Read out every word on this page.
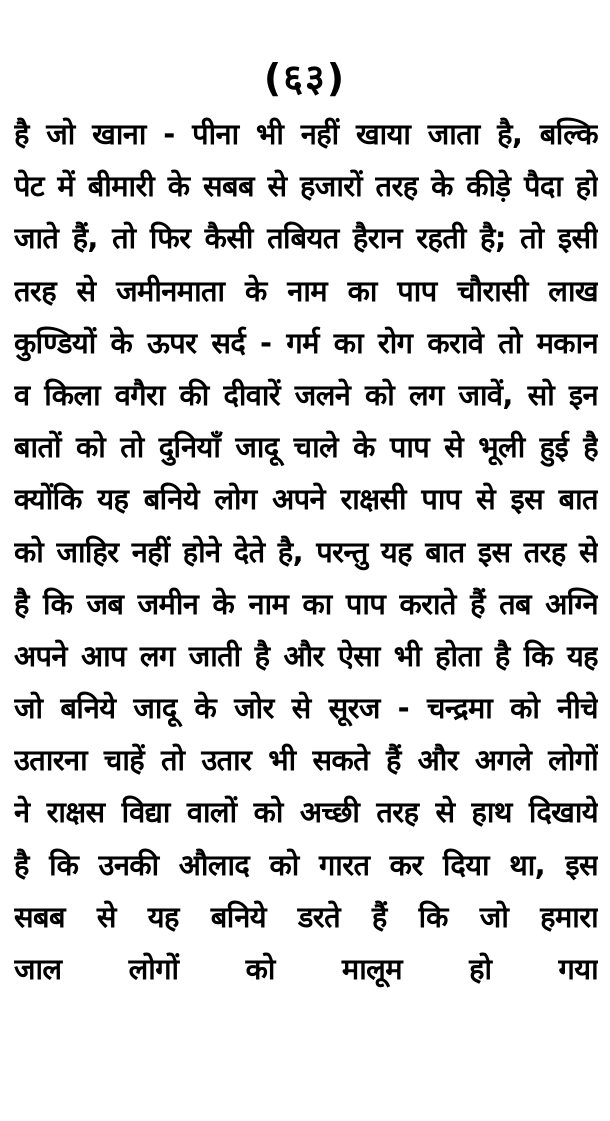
(६३)
है जो खाना - पीना भी नहीं खाया जाता है, बल्कि
पेट में बीमारी के सबब से हजारों तरह के कीड़े पैदा हो
जाते हैं, तो फिर कैसी तबियत हैरान रहती है; तो इसी
तरह से जमीनमाता के नाम का पाप चौरासी लाख
कुण्डियों के ऊपर सर्द - गर्म का रोग करावे तो मकान
व किला वगैरा की दीवारें जलने को लग जावें, सो इन
बातों को तो दुनियाँ जादू चाले के पाप से भूली हुई है
क्योंकि यह बनिये लोग अपने राक्षसी पाप से इस बात
को जाहिर नहीं होने देते है, परन्तु यह बात इस तरह से
है कि जब जमीन के नाम का पाप कराते हैं तब अग्नि
अपने आप लग जाती है और ऐसा भी होता है कि यह
जो बनिये जादू के जोर से सूरज - चन्द्रमा को नीचे
उतारना चाहें तो उतार भी सकते हैं और अगले लोगों
ने राक्षस विद्या वालों को अच्छी तरह से हाथ दिखाये
है कि उनकी औलाद को गारत कर दिया था, इस
सबब से यह बनिये डरते हैं कि जो हमारा
जाल लोगों को मालूम हो गया
